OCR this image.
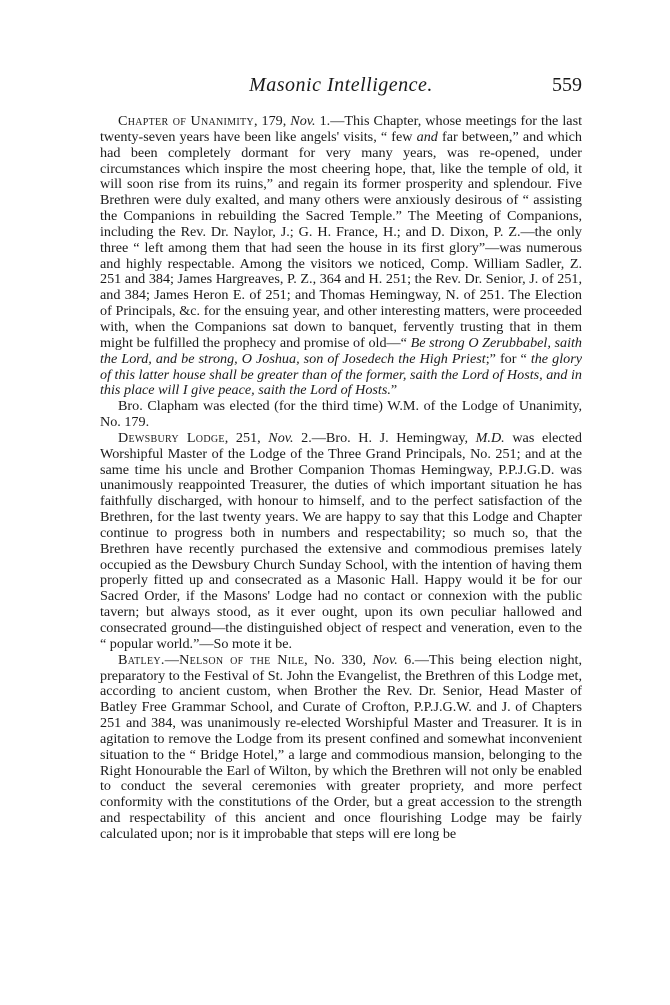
Masonic Intelligence.	559

Chapter of Unanimity, 179, Nov. 1.—This Chapter, whose meetings for the last twenty-seven years have been like angels' visits, “ few and far between,” and which had been completely dormant for very many years, was re-opened, under circumstances which inspire the most cheering hope, that, like the temple of old, it will soon rise from its ruins,” and regain its former prosperity and splendour. Five Brethren were duly exalted, and many others were anxiously desirous of “ assisting the Companions in rebuilding the Sacred Temple.” The Meeting of Companions, including the Rev. Dr. Naylor, J.; G. H. France, H.; and D. Dixon, P. Z.—the only three “ left among them that had seen the house in its first glory”—was numerous and highly respectable. Among the visitors we noticed, Comp. William Sadler, Z. 251 and 384; James Hargreaves, P. Z., 364 and H. 251; the Rev. Dr. Senior, J. of 251, and 384; James Heron E. of 251; and Thomas Hemingway, N. of 251. The Election of Principals, &c. for the ensuing year, and other interesting matters, were proceeded with, when the Companions sat down to banquet, fervently trusting that in them might be fulfilled the prophecy and promise of old—“ Be strong O Zerubbabel, saith the Lord, and be strong, O Joshua, son of Josedech the High Priest;” for “ the glory of this latter house shall be greater than of the former, saith the Lord of Hosts, and in this place will I give peace, saith the Lord of Hosts.”

Bro. Clapham was elected (for the third time) W.M. of the Lodge of Unanimity, No. 179.

Dewsbury Lodge, 251, Nov. 2.—Bro. H. J. Hemingway, M.D. was elected Worshipful Master of the Lodge of the Three Grand Principals, No. 251; and at the same time his uncle and Brother Companion Thomas Hemingway, P.P.J.G.D. was unanimously reappointed Treasurer, the duties of which important situation he has faithfully discharged, with honour to himself, and to the perfect satisfaction of the Brethren, for the last twenty years. We are happy to say that this Lodge and Chapter continue to progress both in numbers and respectability; so much so, that the Brethren have recently purchased the extensive and commodious premises lately occupied as the Dewsbury Church Sunday School, with the intention of having them properly fitted up and consecrated as a Masonic Hall. Happy would it be for our Sacred Order, if the Masons' Lodge had no contact or connexion with the public tavern; but always stood, as it ever ought, upon its own peculiar hallowed and consecrated ground—the distinguished object of respect and veneration, even to the “ popular world.”—So mote it be.

Batley.—Nelson of the Nile, No. 330, Nov. 6.—This being election night, preparatory to the Festival of St. John the Evangelist, the Brethren of this Lodge met, according to ancient custom, when Brother the Rev. Dr. Senior, Head Master of Batley Free Grammar School, and Curate of Crofton, P.P.J.G.W. and J. of Chapters 251 and 384, was unanimously re-elected Worshipful Master and Treasurer. It is in agitation to remove the Lodge from its present confined and somewhat inconvenient situation to the “ Bridge Hotel,” a large and commodious mansion, belonging to the Right Honourable the Earl of Wilton, by which the Brethren will not only be enabled to conduct the several ceremonies with greater propriety, and more perfect conformity with the constitutions of the Order, but a great accession to the strength and respectability of this ancient and once flourishing Lodge may be fairly calculated upon; nor is it improbable that steps will ere long be
